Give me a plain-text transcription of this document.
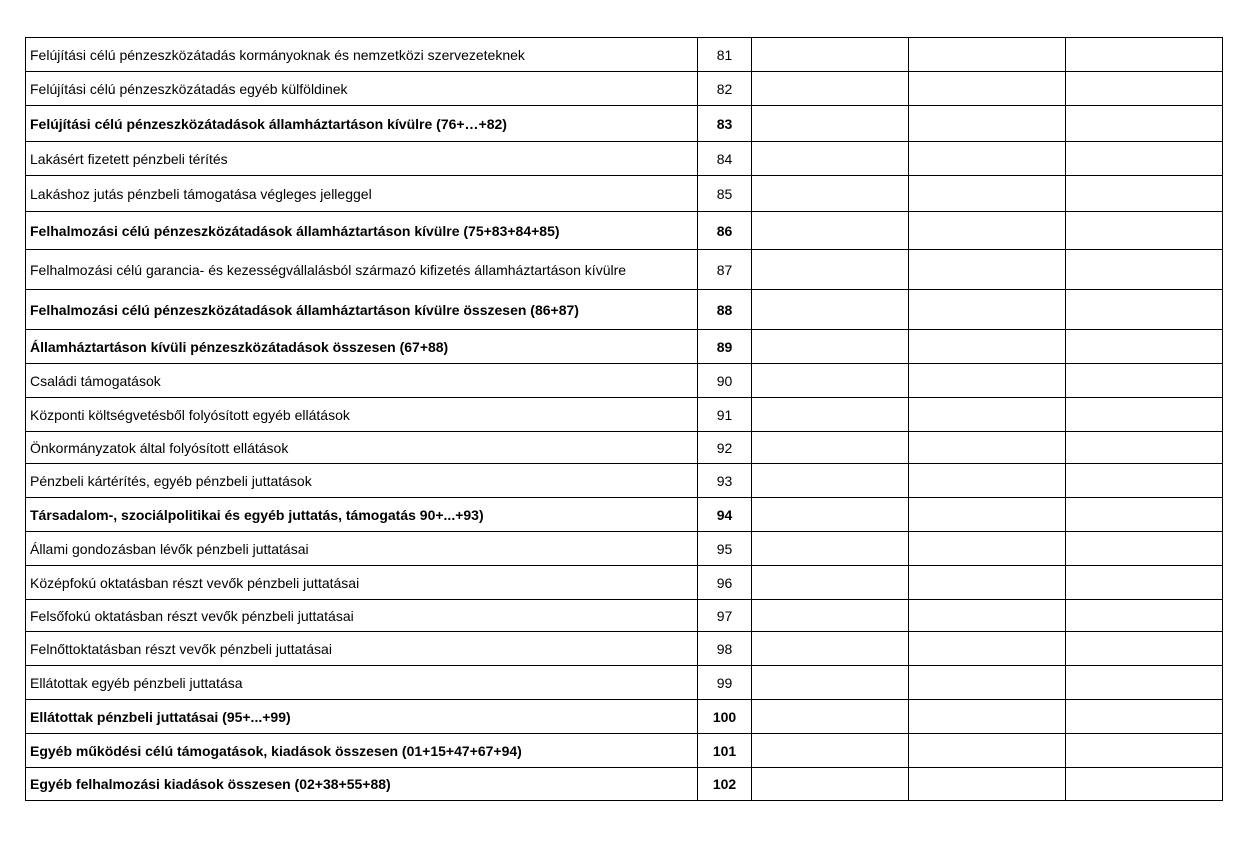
Felújítási célú pénzeszközátadás kormányoknak és nemzetközi szervezeteknek	81			
Felújítási célú pénzeszközátadás egyéb külföldinek	82			
Felújítási célú pénzeszközátadások államháztartáson kívülre (76+…+82)	83			
Lakásért fizetett pénzbeli térítés	84			
Lakáshoz jutás pénzbeli támogatása végleges jelleggel	85			
Felhalmozási célú pénzeszközátadások államháztartáson kívülre (75+83+84+85)	86			
Felhalmozási célú garancia- és kezességvállalásból származó kifizetés államháztartáson kívülre	87			
Felhalmozási célú pénzeszközátadások államháztartáson kívülre összesen (86+87)	88			
Államháztartáson kívüli pénzeszközátadások összesen (67+88)	89			
Családi támogatások	90			
Központi költségvetésből folyósított egyéb ellátások	91			
Önkormányzatok által folyósított ellátások	92			
Pénzbeli kártérítés, egyéb pénzbeli juttatások	93			
Társadalom-, szociálpolitikai és egyéb juttatás, támogatás 90+...+93)	94			
Állami gondozásban lévők pénzbeli juttatásai	95			
Középfokú oktatásban részt vevők pénzbeli juttatásai	96			
Felsőfokú oktatásban részt vevők pénzbeli juttatásai	97			
Felnőttoktatásban részt vevők pénzbeli juttatásai	98			
Ellátottak egyéb pénzbeli juttatása	99			
Ellátottak pénzbeli juttatásai (95+...+99)	100			
Egyéb működési célú támogatások, kiadások összesen (01+15+47+67+94)	101			
Egyéb felhalmozási kiadások összesen (02+38+55+88)	102			
